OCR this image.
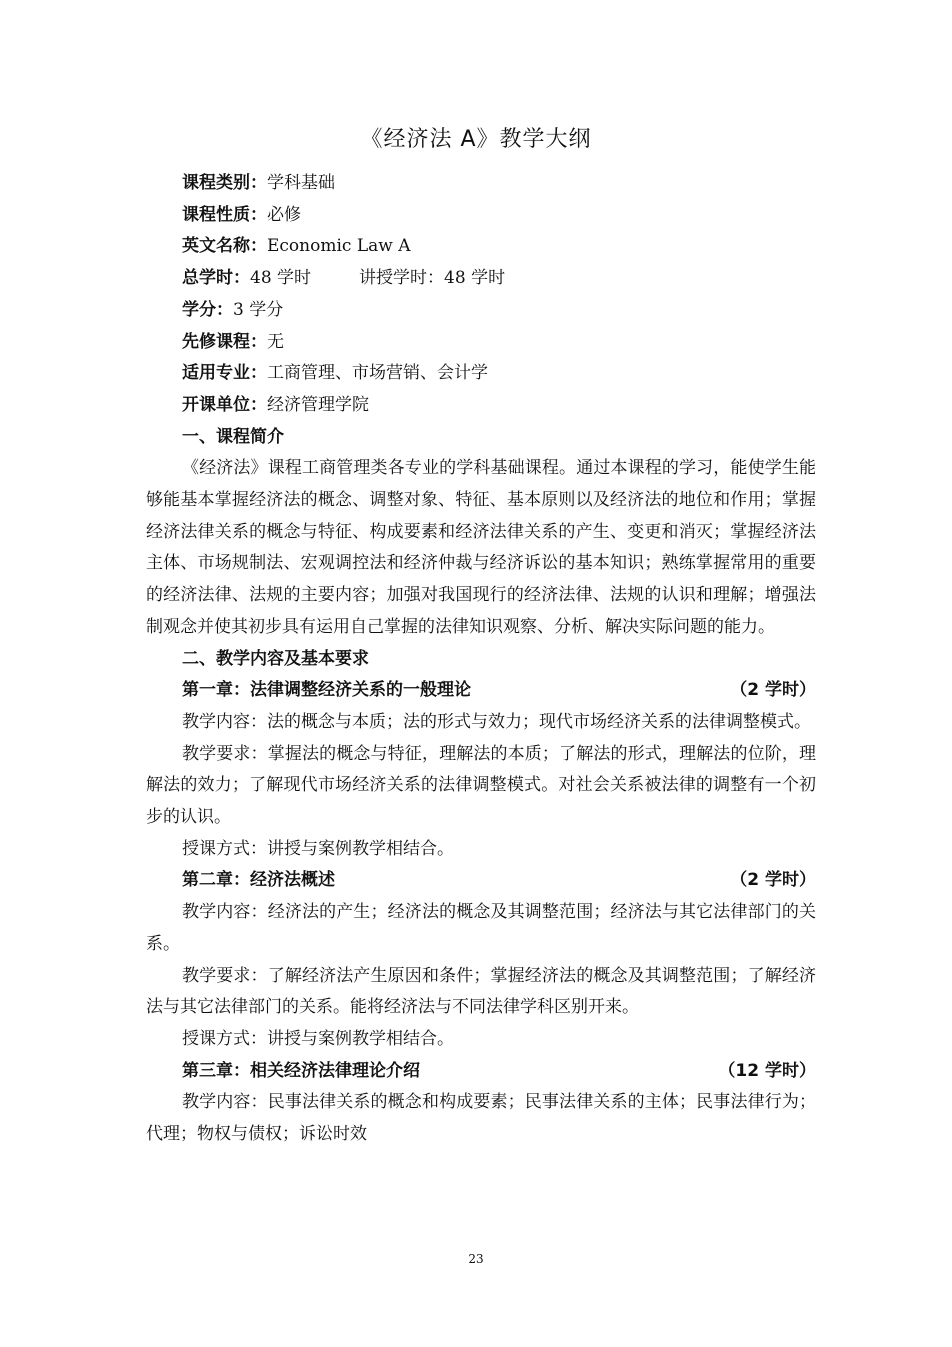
《经济法 A》教学大纲
课程类别：学科基础
课程性质：必修
英文名称：Economic Law A
总学时：48 学时	讲授学时：48 学时
学分：3 学分
先修课程：无
适用专业：工商管理、市场营销、会计学
开课单位：经济管理学院
一、课程简介

《经济法》课程工商管理类各专业的学科基础课程。通过本课程的学习，能使学生能够能基本掌握经济法的概念、调整对象、特征、基本原则以及经济法的地位和作用；掌握经济法律关系的概念与特征、构成要素和经济法律关系的产生、变更和消灭；掌握经济法主体、市场规制法、宏观调控法和经济仲裁与经济诉讼的基本知识；熟练掌握常用的重要的经济法律、法规的主要内容；加强对我国现行的经济法律、法规的认识和理解；增强法制观念并使其初步具有运用自己掌握的法律知识观察、分析、解决实际问题的能力。

二、教学内容及基本要求
第一章：法律调整经济关系的一般理论	（2 学时）

教学内容：法的概念与本质；法的形式与效力；现代市场经济关系的法律调整模式。

教学要求：掌握法的概念与特征，理解法的本质；了解法的形式，理解法的位阶，理解法的效力；了解现代市场经济关系的法律调整模式。对社会关系被法律的调整有一个初步的认识。

授课方式：讲授与案例教学相结合。

第二章：经济法概述	（2 学时）

教学内容：经济法的产生；经济法的概念及其调整范围；经济法与其它法律部门的关系。

教学要求：了解经济法产生原因和条件；掌握经济法的概念及其调整范围；了解经济法与其它法律部门的关系。能将经济法与不同法律学科区别开来。

授课方式：讲授与案例教学相结合。

第三章：相关经济法律理论介绍	（12 学时）

教学内容：民事法律关系的概念和构成要素；民事法律关系的主体；民事法律行为；代理；物权与债权；诉讼时效

23
